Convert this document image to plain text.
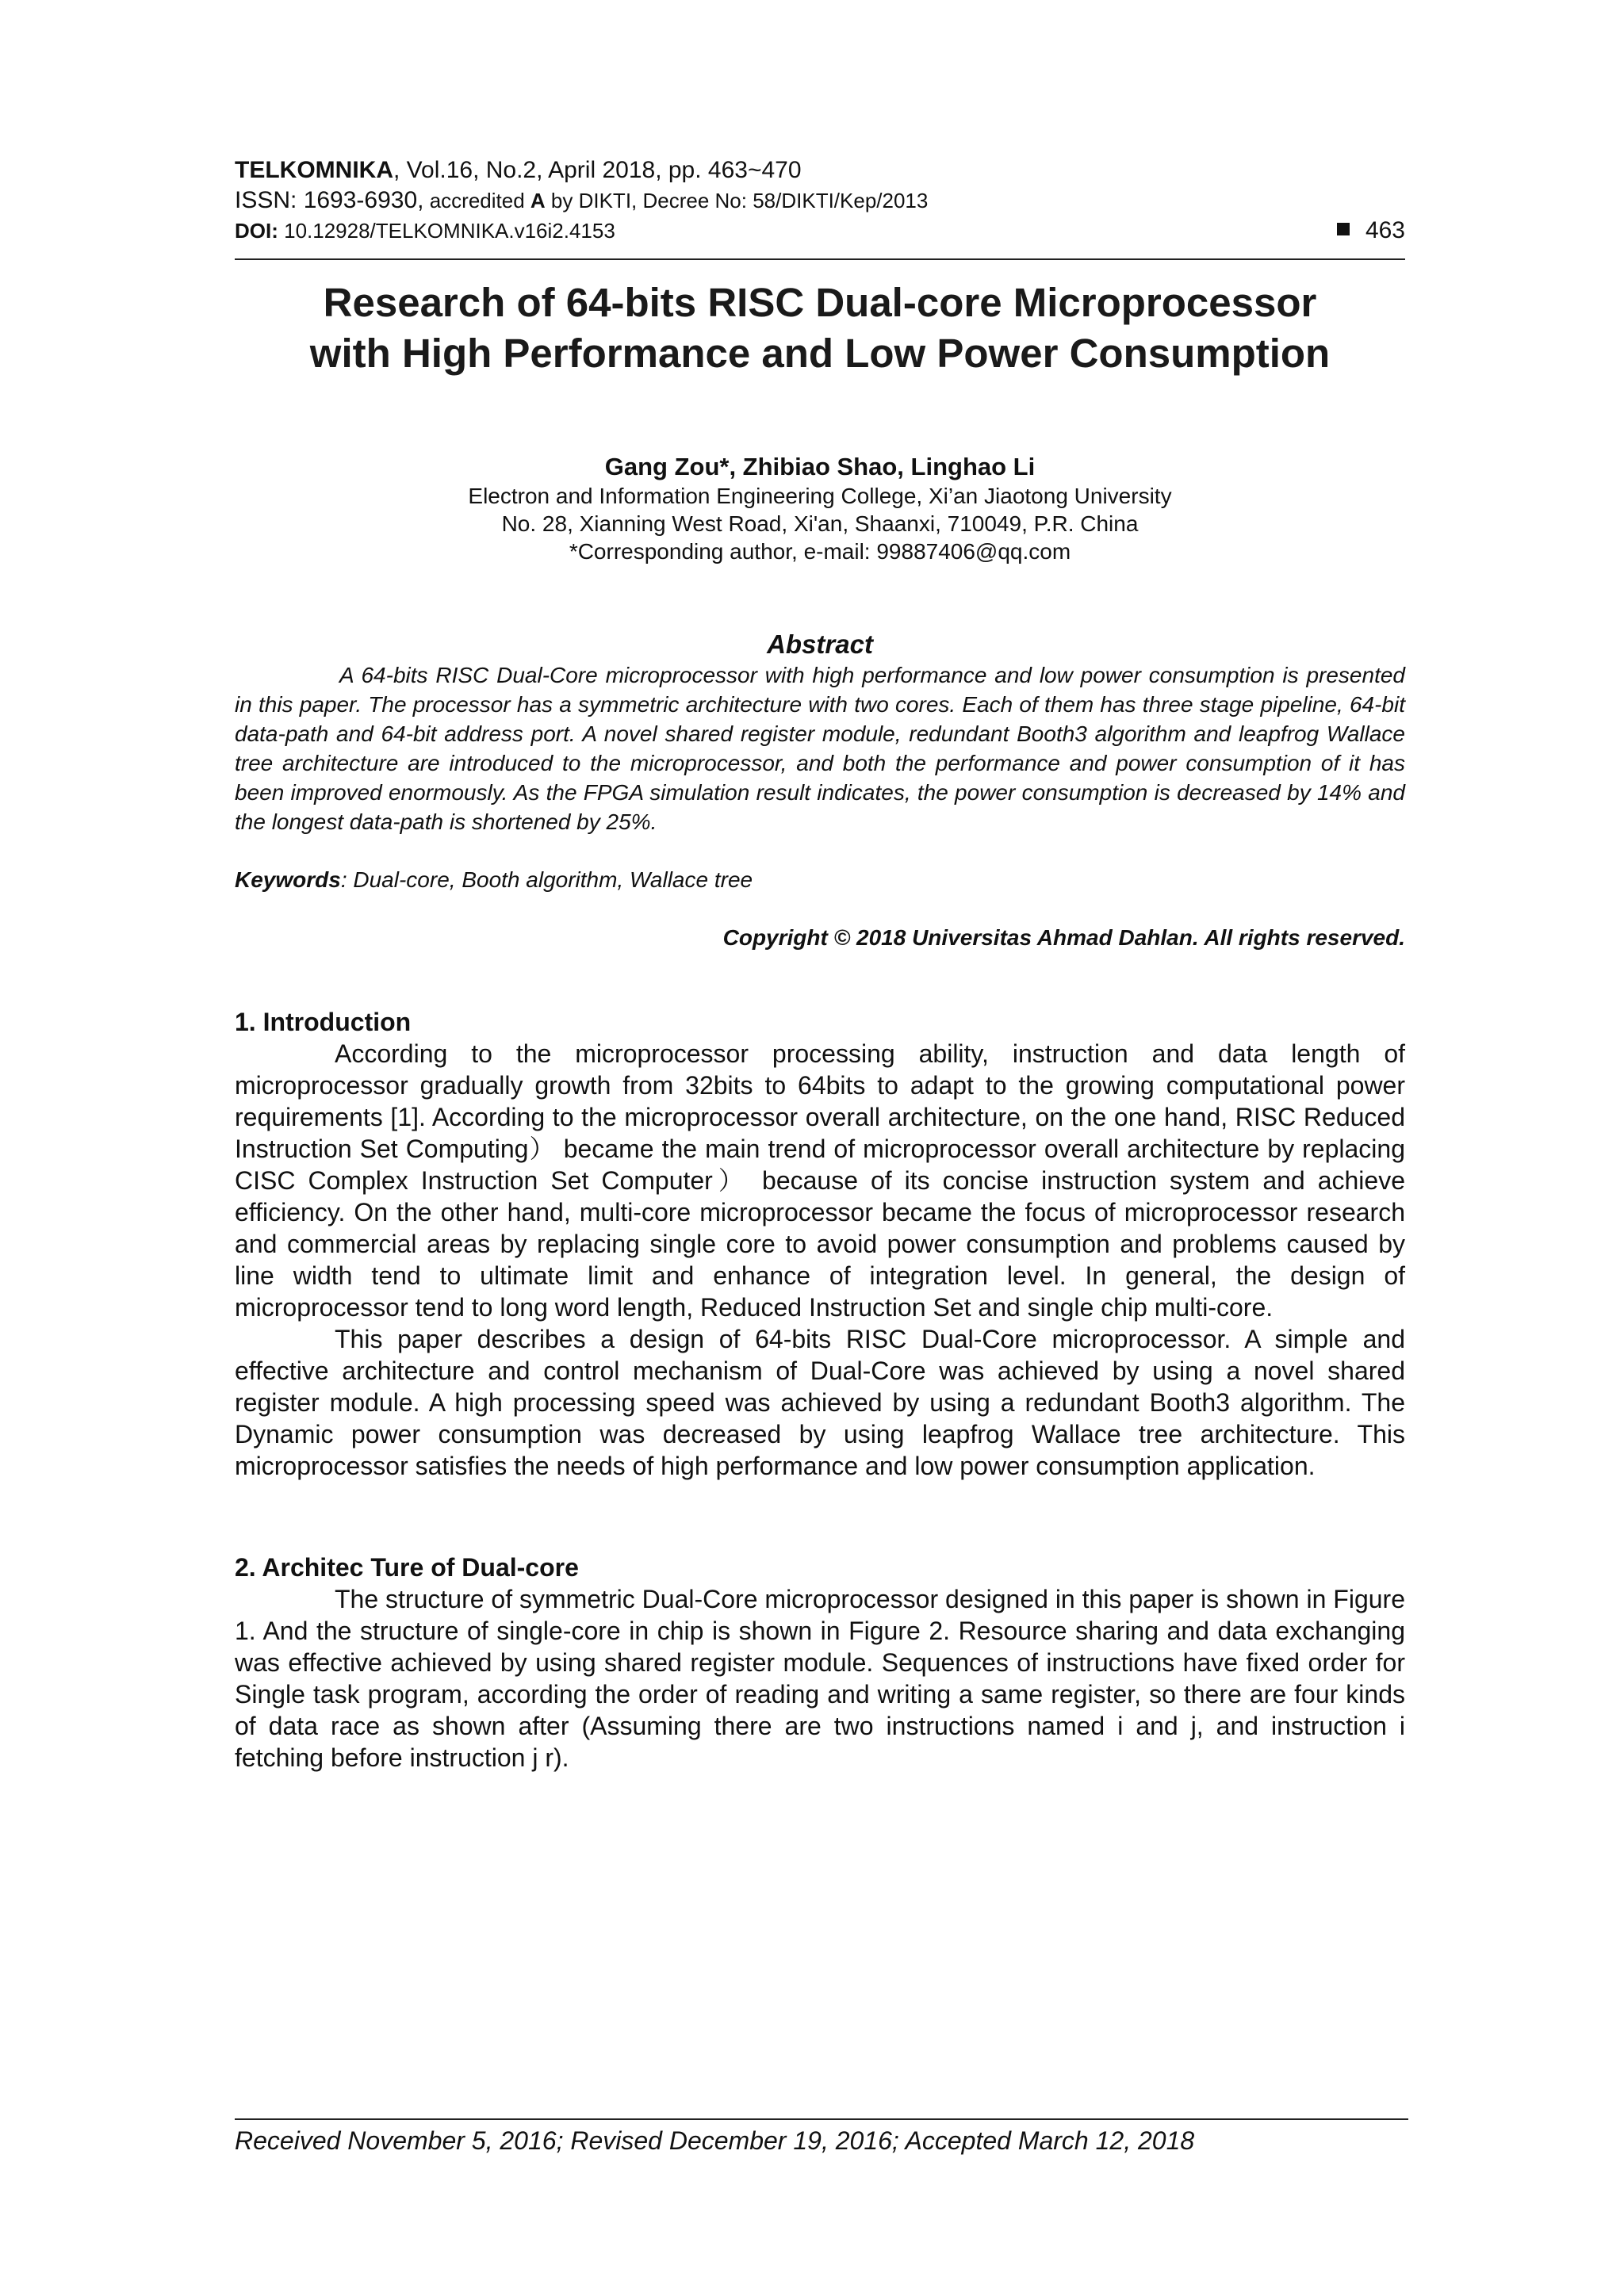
TELKOMNIKA, Vol.16, No.2, April 2018, pp. 463~470
ISSN: 1693-6930, accredited A by DIKTI, Decree No: 58/DIKTI/Kep/2013
DOI: 10.12928/TELKOMNIKA.v16i2.4153	463
Research of 64-bits RISC Dual-core Microprocessor
with High Performance and Low Power Consumption
Gang Zou*, Zhibiao Shao, Linghao Li
Electron and Information Engineering College, Xi’an Jiaotong University
No. 28, Xianning West Road, Xi'an, Shaanxi, 710049, P.R. China
*Corresponding author, e-mail: 99887406@qq.com
Abstract
A 64-bits RISC Dual-Core microprocessor with high performance and low power consumption is presented in this paper. The processor has a symmetric architecture with two cores. Each of them has three stage pipeline, 64-bit data-path and 64-bit address port. A novel shared register module, redundant Booth3 algorithm and leapfrog Wallace tree architecture are introduced to the microprocessor, and both the performance and power consumption of it has been improved enormously. As the FPGA simulation result indicates, the power consumption is decreased by 14% and the longest data-path is shortened by 25%.
Keywords: Dual-core, Booth algorithm, Wallace tree
Copyright © 2018 Universitas Ahmad Dahlan. All rights reserved.
1. Introduction
According to the microprocessor processing ability, instruction and data length of microprocessor gradually growth from 32bits to 64bits to adapt to the growing computational power requirements [1]. According to the microprocessor overall architecture, on the one hand, RISC Reduced Instruction Set Computing） became the main trend of microprocessor overall architecture by replacing CISC Complex Instruction Set Computer） because of its concise instruction system and achieve efficiency. On the other hand, multi-core microprocessor became the focus of microprocessor research and commercial areas by replacing single core to avoid power consumption and problems caused by line width tend to ultimate limit and enhance of integration level. In general, the design of microprocessor tend to long word length, Reduced Instruction Set and single chip multi-core.
This paper describes a design of 64-bits RISC Dual-Core microprocessor. A simple and effective architecture and control mechanism of Dual-Core was achieved by using a novel shared register module. A high processing speed was achieved by using a redundant Booth3 algorithm. The Dynamic power consumption was decreased by using leapfrog Wallace tree architecture. This microprocessor satisfies the needs of high performance and low power consumption application.
2. Architec Ture of Dual-core
The structure of symmetric Dual-Core microprocessor designed in this paper is shown in Figure 1. And the structure of single-core in chip is shown in Figure 2. Resource sharing and data exchanging was effective achieved by using shared register module. Sequences of instructions have fixed order for Single task program, according the order of reading and writing a same register, so there are four kinds of data race as shown after (Assuming there are two instructions named i and j, and instruction i fetching before instruction j r).
Received November 5, 2016; Revised December 19, 2016; Accepted March 12, 2018
